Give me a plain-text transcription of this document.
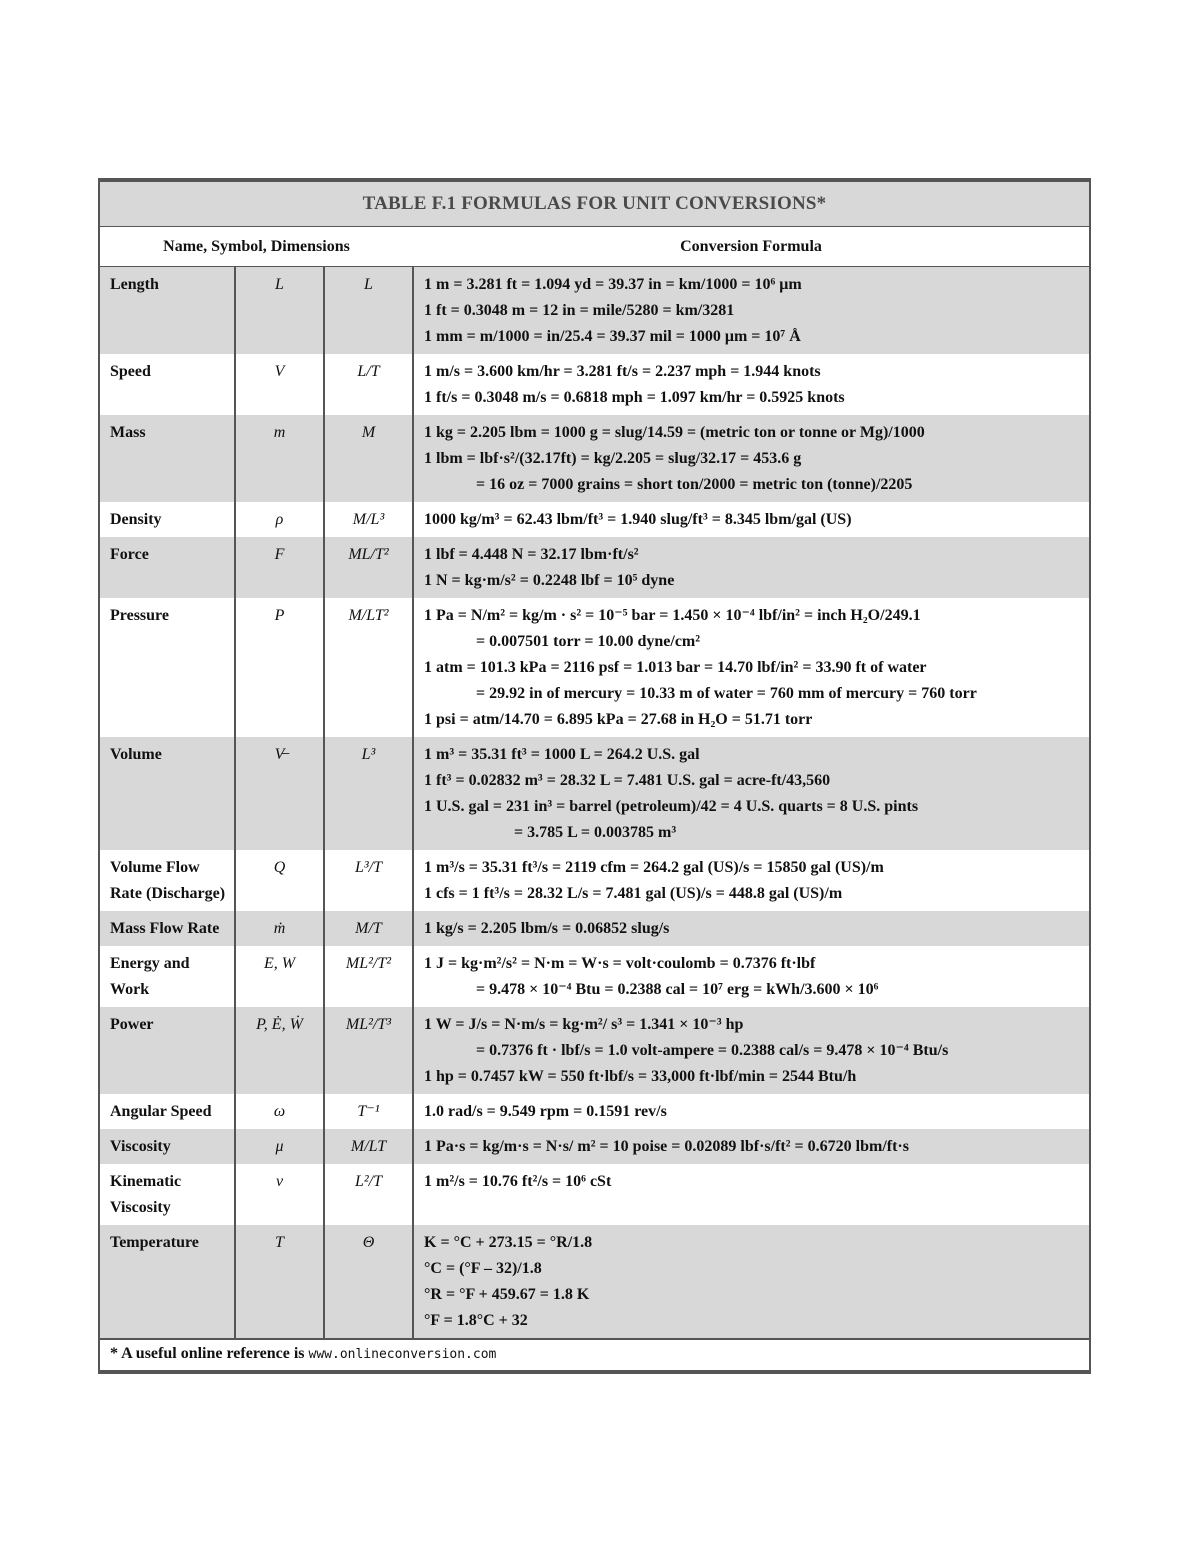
TABLE F.1 FORMULAS FOR UNIT CONVERSIONS*			
Name, Symbol, Dimensions			Conversion Formula
Length	L	L	1 m = 3.281 ft = 1.094 yd = 39.37 in = km/1000 = 10⁶ μm
1 ft = 0.3048 m = 12 in = mile/5280 = km/3281
1 mm = m/1000 = in/25.4 = 39.37 mil = 1000 μm = 10⁷ Å

Speed	V	L/T	1 m/s = 3.600 km/hr = 3.281 ft/s = 2.237 mph = 1.944 knots
1 ft/s = 0.3048 m/s = 0.6818 mph = 1.097 km/hr = 0.5925 knots

Mass	m	M	1 kg = 2.205 lbm = 1000 g = slug/14.59 = (metric ton or tonne or Mg)/1000
1 lbm = lbf·s²/(32.17ft) = kg/2.205 = slug/32.17 = 453.6 g
= 16 oz = 7000 grains = short ton/2000 = metric ton (tonne)/2205

Density	ρ	M/L³	1000 kg/m³ = 62.43 lbm/ft³ = 1.940 slug/ft³ = 8.345 lbm/gal (US)

Force	F	ML/T²	1 lbf = 4.448 N = 32.17 lbm·ft/s²
1 N = kg·m/s² = 0.2248 lbf = 10⁵ dyne

Pressure	P	M/LT²	1 Pa = N/m² = kg/m · s² = 10⁻⁵ bar = 1.450 × 10⁻⁴ lbf/in² = inch H₂O/249.1
= 0.007501 torr = 10.00 dyne/cm²
1 atm = 101.3 kPa = 2116 psf = 1.013 bar = 14.70 lbf/in² = 33.90 ft of water
= 29.92 in of mercury = 10.33 m of water = 760 mm of mercury = 760 torr
1 psi = atm/14.70 = 6.895 kPa = 27.68 in H₂O = 51.71 torr

Volume	V̶	L³	1 m³ = 35.31 ft³ = 1000 L = 264.2 U.S. gal
1 ft³ = 0.02832 m³ = 28.32 L = 7.481 U.S. gal = acre-ft/43,560
1 U.S. gal = 231 in³ = barrel (petroleum)/42 = 4 U.S. quarts = 8 U.S. pints
= 3.785 L = 0.003785 m³

Volume Flow Rate (Discharge)	Q	L³/T	1 m³/s = 35.31 ft³/s = 2119 cfm = 264.2 gal (US)/s = 15850 gal (US)/m
1 cfs = 1 ft³/s = 28.32 L/s = 7.481 gal (US)/s = 448.8 gal (US)/m

Mass Flow Rate	ṁ	M/T	1 kg/s = 2.205 lbm/s = 0.06852 slug/s

Energy and Work	E, W	ML²/T²	1 J = kg·m²/s² = N·m = W·s = volt·coulomb = 0.7376 ft·lbf
= 9.478 × 10⁻⁴ Btu = 0.2388 cal = 10⁷ erg = kWh/3.600 × 10⁶

Power	P, Ė, Ẇ	ML²/T³	1 W = J/s = N·m/s = kg·m²/ s³ = 1.341 × 10⁻³ hp
= 0.7376 ft · lbf/s = 1.0 volt-ampere = 0.2388 cal/s = 9.478 × 10⁻⁴ Btu/s
1 hp = 0.7457 kW = 550 ft·lbf/s = 33,000 ft·lbf/min = 2544 Btu/h

Angular Speed	ω	T⁻¹	1.0 rad/s = 9.549 rpm = 0.1591 rev/s

Viscosity	μ	M/LT	1 Pa·s = kg/m·s = N·s/ m² = 10 poise = 0.02089 lbf·s/ft² = 0.6720 lbm/ft·s

Kinematic Viscosity	ν	L²/T	1 m²/s = 10.76 ft²/s = 10⁶ cSt

Temperature	T	Θ	K = °C + 273.15 = °R/1.8
°C = (°F – 32)/1.8
°R = °F + 459.67 = 1.8 K
°F = 1.8°C + 32

* A useful online reference is www.onlineconversion.com			
